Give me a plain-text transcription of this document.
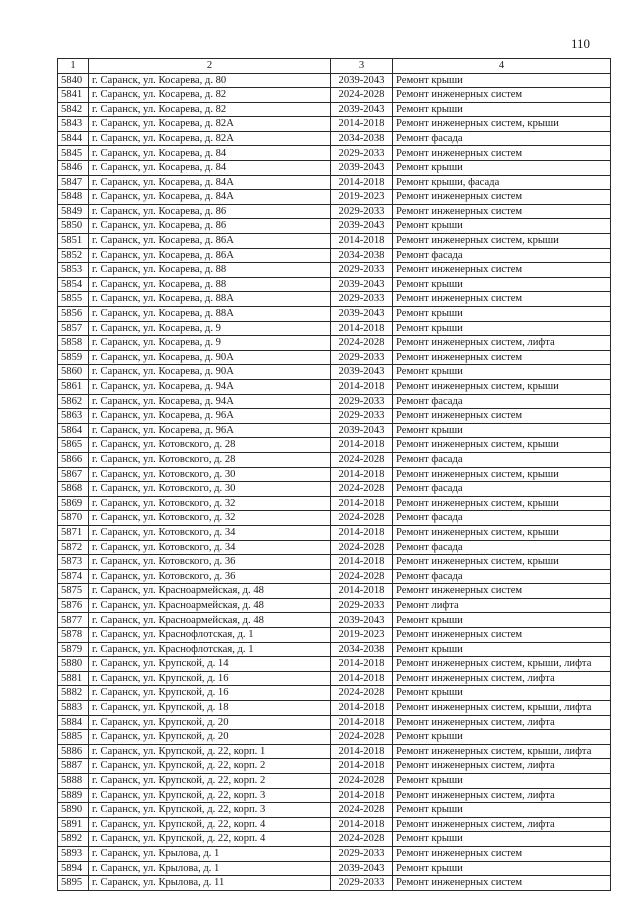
110
1	2	3	4
5840	г. Саранск, ул. Косарева, д. 80	2039-2043	Ремонт крыши
5841	г. Саранск, ул. Косарева, д. 82	2024-2028	Ремонт инженерных систем
5842	г. Саранск, ул. Косарева, д. 82	2039-2043	Ремонт крыши
5843	г. Саранск, ул. Косарева, д. 82А	2014-2018	Ремонт инженерных систем, крыши
5844	г. Саранск, ул. Косарева, д. 82А	2034-2038	Ремонт фасада
5845	г. Саранск, ул. Косарева, д. 84	2029-2033	Ремонт инженерных систем
5846	г. Саранск, ул. Косарева, д. 84	2039-2043	Ремонт крыши
5847	г. Саранск, ул. Косарева, д. 84А	2014-2018	Ремонт крыши, фасада
5848	г. Саранск, ул. Косарева, д. 84А	2019-2023	Ремонт инженерных систем
5849	г. Саранск, ул. Косарева, д. 86	2029-2033	Ремонт инженерных систем
5850	г. Саранск, ул. Косарева, д. 86	2039-2043	Ремонт крыши
5851	г. Саранск, ул. Косарева, д. 86А	2014-2018	Ремонт инженерных систем, крыши
5852	г. Саранск, ул. Косарева, д. 86А	2034-2038	Ремонт фасада
5853	г. Саранск, ул. Косарева, д. 88	2029-2033	Ремонт инженерных систем
5854	г. Саранск, ул. Косарева, д. 88	2039-2043	Ремонт крыши
5855	г. Саранск, ул. Косарева, д. 88А	2029-2033	Ремонт инженерных систем
5856	г. Саранск, ул. Косарева, д. 88А	2039-2043	Ремонт крыши
5857	г. Саранск, ул. Косарева, д. 9	2014-2018	Ремонт крыши
5858	г. Саранск, ул. Косарева, д. 9	2024-2028	Ремонт инженерных систем, лифта
5859	г. Саранск, ул. Косарева, д. 90А	2029-2033	Ремонт инженерных систем
5860	г. Саранск, ул. Косарева, д. 90А	2039-2043	Ремонт крыши
5861	г. Саранск, ул. Косарева, д. 94А	2014-2018	Ремонт инженерных систем, крыши
5862	г. Саранск, ул. Косарева, д. 94А	2029-2033	Ремонт фасада
5863	г. Саранск, ул. Косарева, д. 96А	2029-2033	Ремонт инженерных систем
5864	г. Саранск, ул. Косарева, д. 96А	2039-2043	Ремонт крыши
5865	г. Саранск, ул. Котовского, д. 28	2014-2018	Ремонт инженерных систем, крыши
5866	г. Саранск, ул. Котовского, д. 28	2024-2028	Ремонт фасада
5867	г. Саранск, ул. Котовского, д. 30	2014-2018	Ремонт инженерных систем, крыши
5868	г. Саранск, ул. Котовского, д. 30	2024-2028	Ремонт фасада
5869	г. Саранск, ул. Котовского, д. 32	2014-2018	Ремонт инженерных систем, крыши
5870	г. Саранск, ул. Котовского, д. 32	2024-2028	Ремонт фасада
5871	г. Саранск, ул. Котовского, д. 34	2014-2018	Ремонт инженерных систем, крыши
5872	г. Саранск, ул. Котовского, д. 34	2024-2028	Ремонт фасада
5873	г. Саранск, ул. Котовского, д. 36	2014-2018	Ремонт инженерных систем, крыши
5874	г. Саранск, ул. Котовского, д. 36	2024-2028	Ремонт фасада
5875	г. Саранск, ул. Красноармейская, д. 48	2014-2018	Ремонт инженерных систем
5876	г. Саранск, ул. Красноармейская, д. 48	2029-2033	Ремонт лифта
5877	г. Саранск, ул. Красноармейская, д. 48	2039-2043	Ремонт крыши
5878	г. Саранск, ул. Краснофлотская, д. 1	2019-2023	Ремонт инженерных систем
5879	г. Саранск, ул. Краснофлотская, д. 1	2034-2038	Ремонт крыши
5880	г. Саранск, ул. Крупской, д. 14	2014-2018	Ремонт инженерных систем, крыши, лифта
5881	г. Саранск, ул. Крупской, д. 16	2014-2018	Ремонт инженерных систем, лифта
5882	г. Саранск, ул. Крупской, д. 16	2024-2028	Ремонт крыши
5883	г. Саранск, ул. Крупской, д. 18	2014-2018	Ремонт инженерных систем, крыши, лифта
5884	г. Саранск, ул. Крупской, д. 20	2014-2018	Ремонт инженерных систем, лифта
5885	г. Саранск, ул. Крупской, д. 20	2024-2028	Ремонт крыши
5886	г. Саранск, ул. Крупской, д. 22, корп. 1	2014-2018	Ремонт инженерных систем, крыши, лифта
5887	г. Саранск, ул. Крупской, д. 22, корп. 2	2014-2018	Ремонт инженерных систем, лифта
5888	г. Саранск, ул. Крупской, д. 22, корп. 2	2024-2028	Ремонт крыши
5889	г. Саранск, ул. Крупской, д. 22, корп. 3	2014-2018	Ремонт инженерных систем, лифта
5890	г. Саранск, ул. Крупской, д. 22, корп. 3	2024-2028	Ремонт крыши
5891	г. Саранск, ул. Крупской, д. 22, корп. 4	2014-2018	Ремонт инженерных систем, лифта
5892	г. Саранск, ул. Крупской, д. 22, корп. 4	2024-2028	Ремонт крыши
5893	г. Саранск, ул. Крылова, д. 1	2029-2033	Ремонт инженерных систем
5894	г. Саранск, ул. Крылова, д. 1	2039-2043	Ремонт крыши
5895	г. Саранск, ул. Крылова, д. 11	2029-2033	Ремонт инженерных систем
